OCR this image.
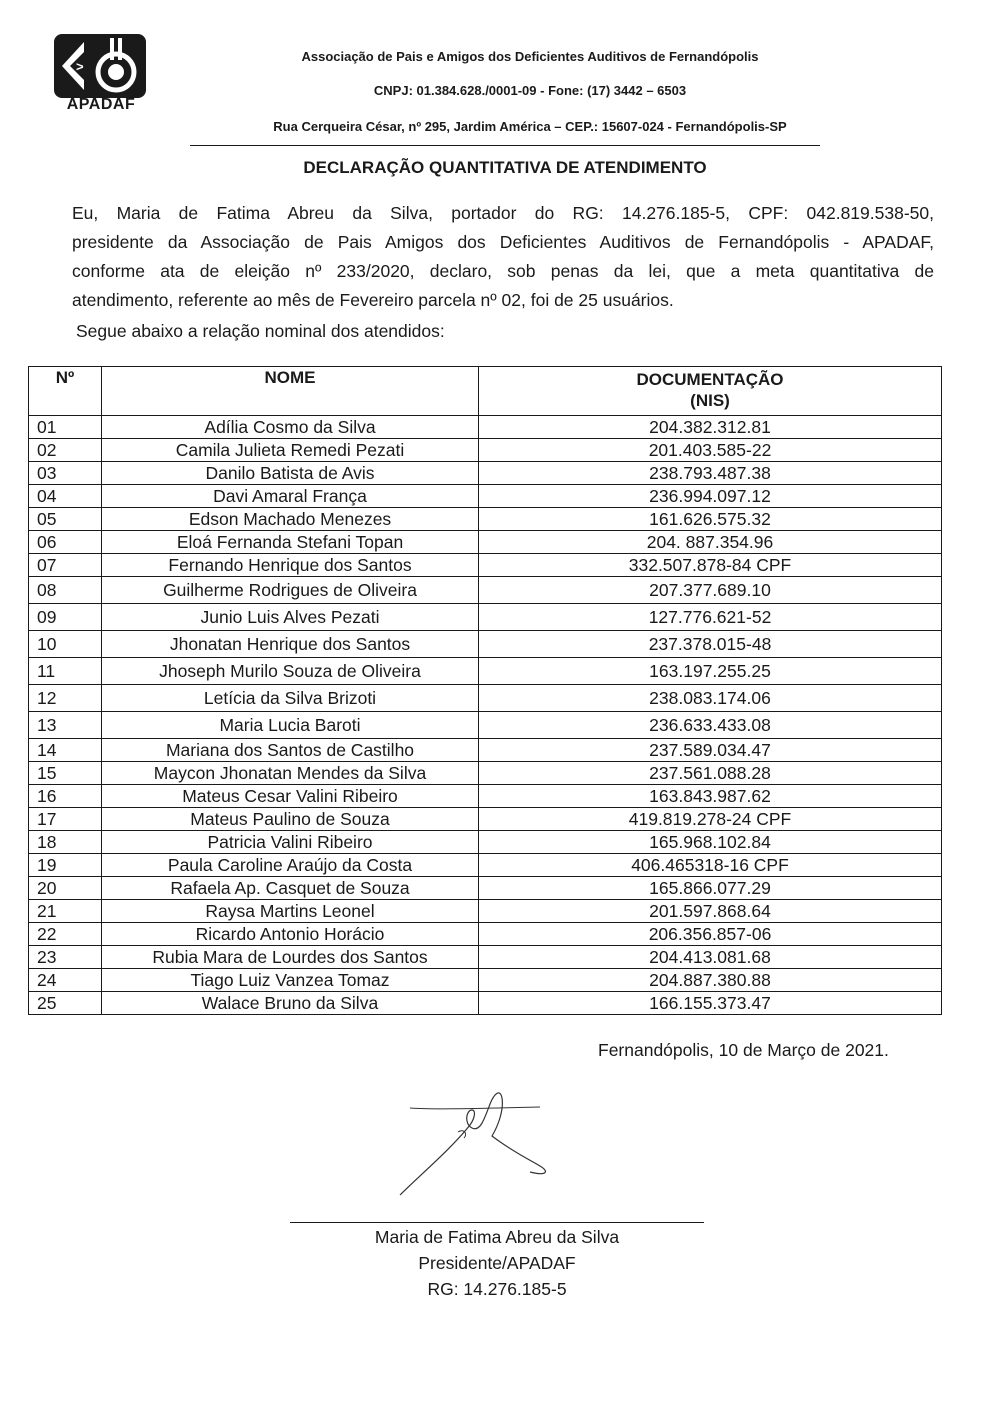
>
APADAF
Associação de Pais e Amigos dos Deficientes Auditivos de Fernandópolis
CNPJ: 01.384.628./0001-09 - Fone: (17) 3442 – 6503
Rua Cerqueira César, nº 295, Jardim América – CEP.: 15607-024 - Fernandópolis-SP
DECLARAÇÃO QUANTITATIVA DE ATENDIMENTO
Eu, Maria de Fatima Abreu da Silva, portador do RG: 14.276.185-5, CPF: 042.819.538-50,
presidente da Associação de Pais Amigos dos Deficientes Auditivos de Fernandópolis - APADAF,
conforme ata de eleição nº 233/2020, declaro, sob penas da lei, que a meta quantitativa de
atendimento, referente ao mês de Fevereiro parcela nº 02, foi de 25 usuários.
Segue abaixo a relação nominal dos atendidos:
Nº	NOME	DOCUMENTAÇÃO
(NIS)

01	Adília Cosmo da Silva	204.382.312.81
02	Camila Julieta Remedi Pezati	201.403.585-22
03	Danilo Batista de Avis	238.793.487.38
04	Davi Amaral França	236.994.097.12
05	Edson Machado Menezes	161.626.575.32
06	Eloá Fernanda Stefani Topan	204. 887.354.96
07	Fernando Henrique dos Santos	332.507.878-84 CPF
08	Guilherme Rodrigues de Oliveira	207.377.689.10
09	Junio Luis Alves Pezati	127.776.621-52
10	Jhonatan Henrique dos Santos	237.378.015-48
11	Jhoseph Murilo Souza de Oliveira	163.197.255.25
12	Letícia da Silva Brizoti	238.083.174.06
13	Maria Lucia Baroti	236.633.433.08
14	Mariana dos Santos de Castilho	237.589.034.47
15	Maycon Jhonatan Mendes da Silva	237.561.088.28
16	Mateus Cesar Valini Ribeiro	163.843.987.62
17	Mateus Paulino de Souza	419.819.278-24 CPF
18	Patricia Valini Ribeiro	165.968.102.84
19	Paula Caroline Araújo da Costa	406.465318-16 CPF
20	Rafaela Ap. Casquet de Souza	165.866.077.29
21	Raysa Martins Leonel	201.597.868.64
22	Ricardo Antonio Horácio	206.356.857-06
23	Rubia Mara de Lourdes dos Santos	204.413.081.68
24	Tiago Luiz Vanzea Tomaz	204.887.380.88
25	Walace Bruno da Silva	166.155.373.47
Fernandópolis, 10 de Março de 2021.
Maria de Fatima Abreu da Silva
Presidente/APADAF
RG: 14.276.185-5
